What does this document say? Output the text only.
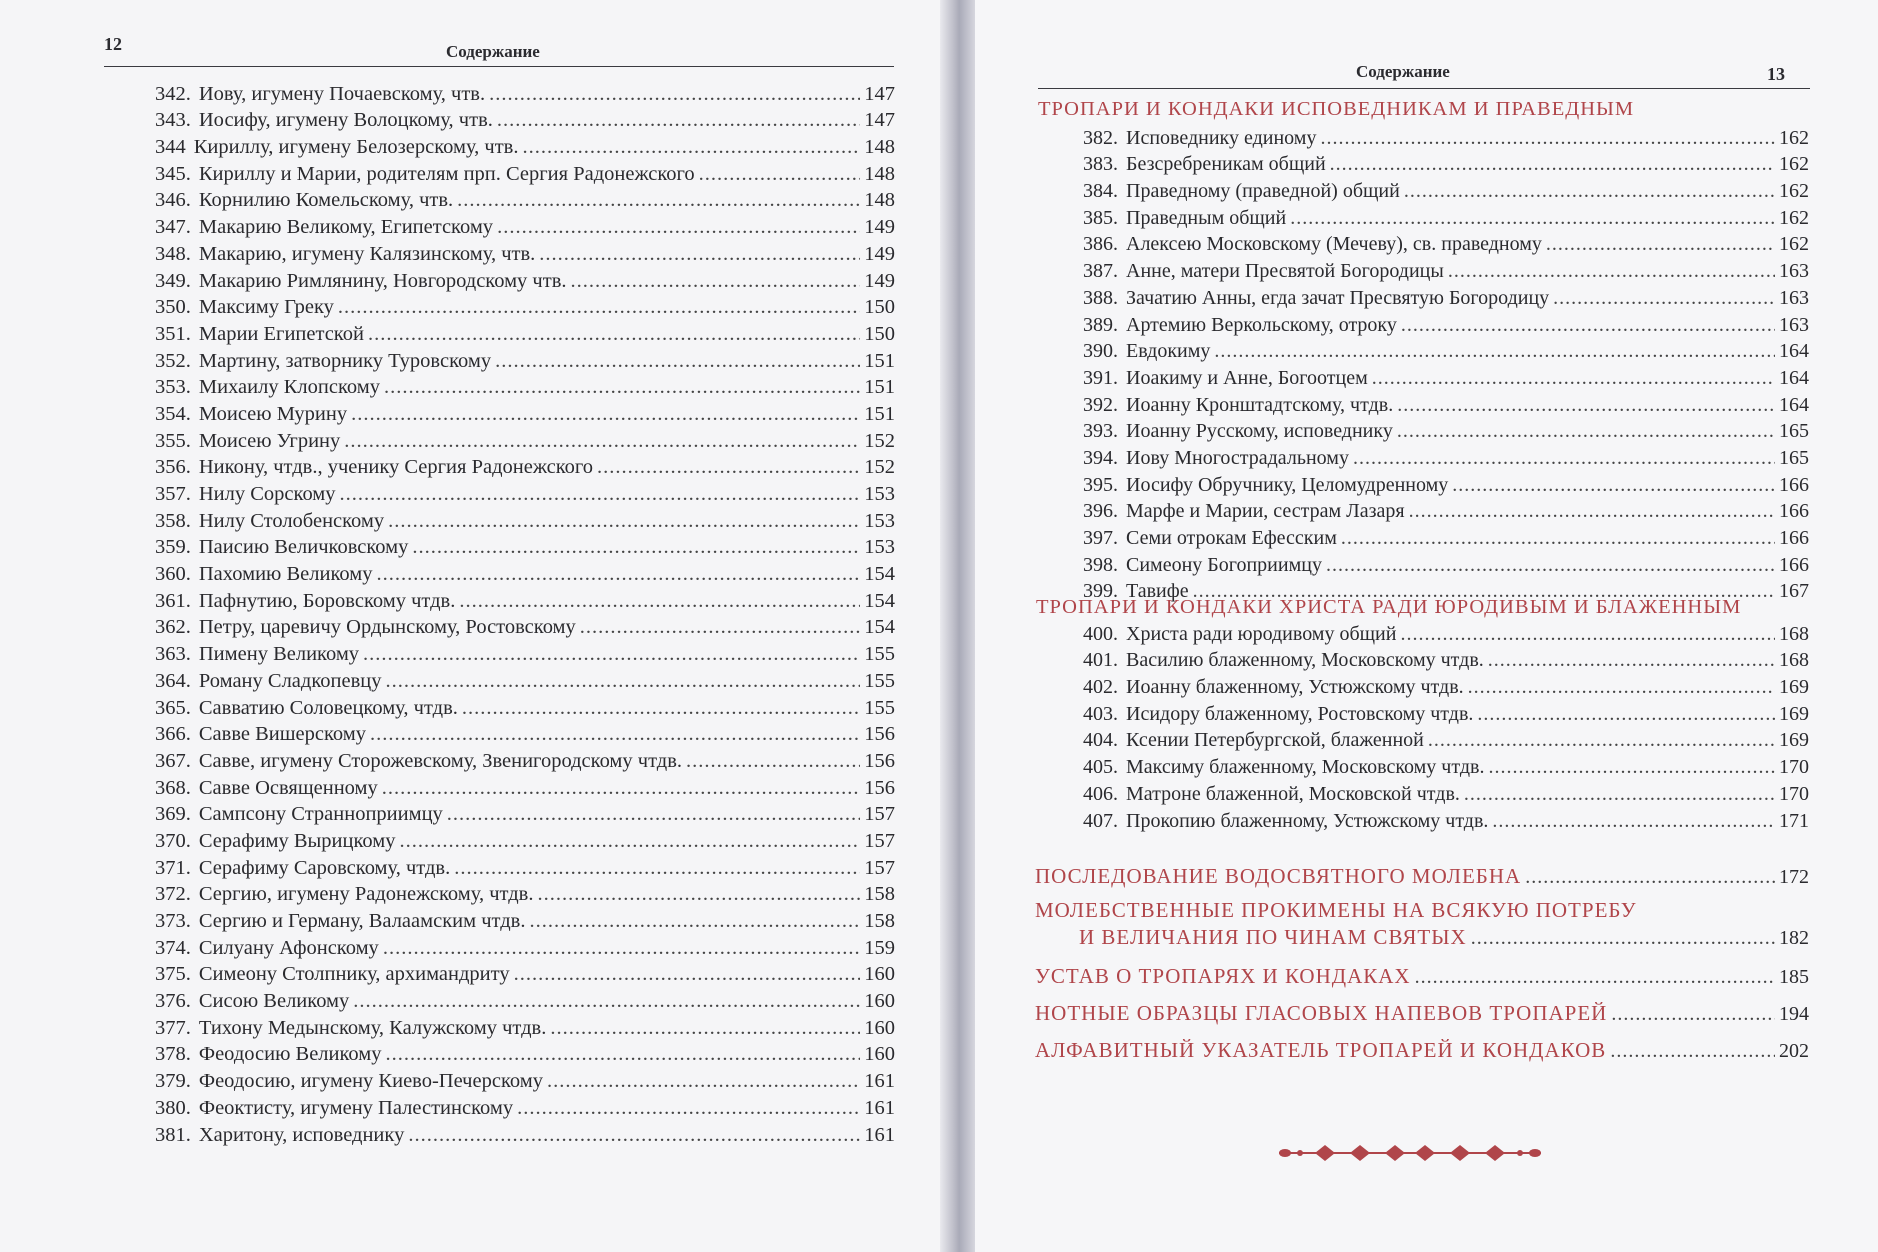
12	Содержание
342. Иову, игумену Почаевскому, чтв. .....	147
343. Иосифу, игумену Волоцкому, чтв. .....	147
344 Кириллу, игумену Белозерскому, чтв. .....	148
345. Кириллу и Марии, родителям прп. Сергия Радонежского .....	148
346. Корнилию Комельскому, чтв. .....	148
347. Макарию Великому, Египетскому .....	149
348. Макарию, игумену Калязинскому, чтв. .....	149
349. Макарию Римлянину, Новгородскому чтв. .....	149
350. Максиму Греку .....	150
351. Марии Египетской .....	150
352. Мартину, затворнику Туровскому .....	151
353. Михаилу Клопскому .....	151
354. Моисею Мурину .....	151
355. Моисею Угрину .....	152
356. Никону, чтдв., ученику Сергия Радонежского .....	152
357. Нилу Сорскому .....	153
358. Нилу Столобенскому .....	153
359. Паисию Величковскому .....	153
360. Пахомию Великому .....	154
361. Пафнутию, Боровскому чтдв. .....	154
362. Петру, царевичу Ордынскому, Ростовскому .....	154
363. Пимену Великому .....	155
364. Роману Сладкопевцу .....	155
365. Савватию Соловецкому, чтдв. .....	155
366. Савве Вишерскому .....	156
367. Савве, игумену Сторожевскому, Звенигородскому чтдв. .....	156
368. Савве Освященному .....	156
369. Сампсону Странноприимцу .....	157
370. Серафиму Вырицкому .....	157
371. Серафиму Саровскому, чтдв. .....	157
372. Сергию, игумену Радонежскому, чтдв. .....	158
373. Сергию и Герману, Валаамским чтдв. .....	158
374. Силуану Афонскому .....	159
375. Симеону Столпнику, архимандриту .....	160
376. Сисою Великому .....	160
377. Тихону Медынскому, Калужскому чтдв. .....	160
378. Феодосию Великому .....	160
379. Феодосию, игумену Киево-Печерскому .....	161
380. Феоктисту, игумену Палестинскому .....	161
381. Харитону, исповеднику .....	161
Содержание	13
ТРОПАРИ И КОНДАКИ ИСПОВЕДНИКАМ И ПРАВЕДНЫМ
382. Исповеднику единому .....	162
383. Безсребреникам общий .....	162
384. Праведному (праведной) общий .....	162
385. Праведным общий .....	162
386. Алексею Московскому (Мечеву), св. праведному .....	162
387. Анне, матери Пресвятой Богородицы .....	163
388. Зачатию Анны, егда зачат Пресвятую Богородицу .....	163
389. Артемию Веркольскому, отроку .....	163
390. Евдокиму .....	164
391. Иоакиму и Анне, Богоотцем .....	164
392. Иоанну Кронштадтскому, чтдв. .....	164
393. Иоанну Русскому, исповеднику .....	165
394. Иову Многострадальному .....	165
395. Иосифу Обручнику, Целомудренному .....	166
396. Марфе и Марии, сестрам Лазаря .....	166
397. Семи отрокам Ефесским .....	166
398. Симеону Богоприимцу .....	166
399. Тавифе .....	167
ТРОПАРИ И КОНДАКИ ХРИСТА РАДИ ЮРОДИВЫМ И БЛАЖЕННЫМ
400. Христа ради юродивому общий .....	168
401. Василию блаженному, Московскому чтдв. .....	168
402. Иоанну блаженному, Устюжскому чтдв. .....	169
403. Исидору блаженному, Ростовскому чтдв. .....	169
404. Ксении Петербургской, блаженной .....	169
405. Максиму блаженному, Московскому чтдв. .....	170
406. Матроне блаженной, Московской чтдв. .....	170
407. Прокопию блаженному, Устюжскому чтдв. .....	171
ПОСЛЕДОВАНИЕ ВОДОСВЯТНОГО МОЛЕБНА .....	172
МОЛЕБСТВЕННЫЕ ПРОКИМЕНЫ НА ВСЯКУЮ ПОТРЕБУ
И ВЕЛИЧАНИЯ ПО ЧИНАМ СВЯТЫХ .....	182
УСТАВ О ТРОПАРЯХ И КОНДАКАХ .....	185
НОТНЫЕ ОБРАЗЦЫ ГЛАСОВЫХ НАПЕВОВ ТРОПАРЕЙ .....	194
АЛФАВИТНЫЙ УКАЗАТЕЛЬ ТРОПАРЕЙ И КОНДАКОВ .....	202
